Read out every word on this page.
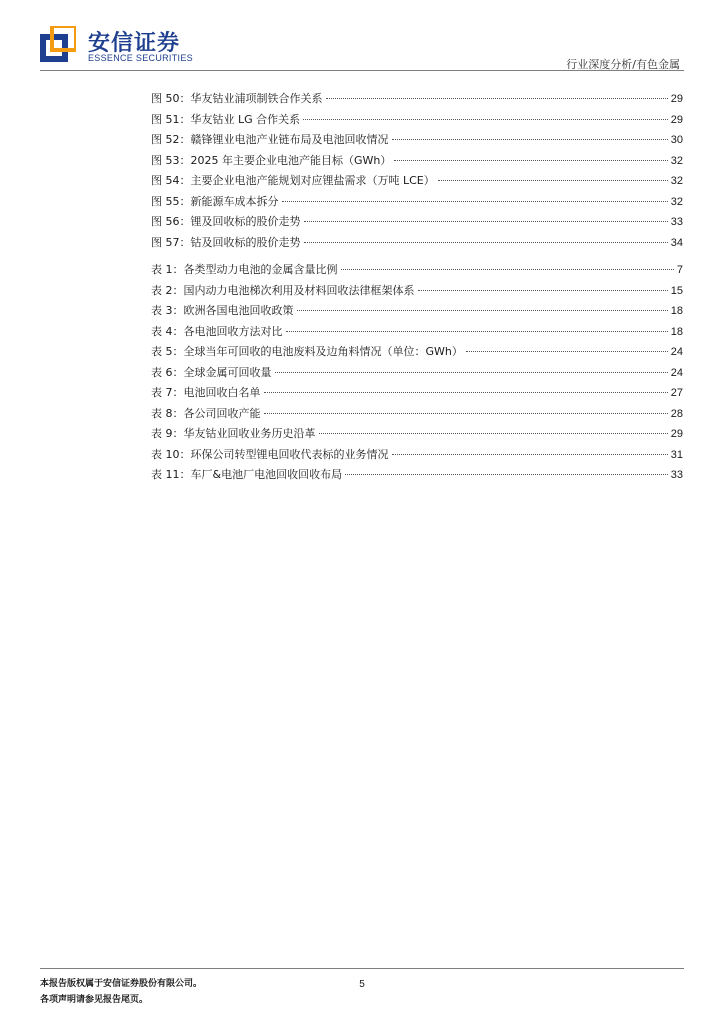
安信证券
ESSENCE SECURITIES	行业深度分析/有色金属
图 50：华友钴业浦项制铁合作关系	29
图 51：华友钴业 LG 合作关系	29
图 52：赣锋锂业电池产业链布局及电池回收情况	30
图 53：2025 年主要企业电池产能目标（GWh）	32
图 54：主要企业电池产能规划对应锂盐需求（万吨 LCE）	32
图 55：新能源车成本拆分	32
图 56：锂及回收标的股价走势	33
图 57：钴及回收标的股价走势	34
表 1：各类型动力电池的金属含量比例	7
表 2：国内动力电池梯次利用及材料回收法律框架体系	15
表 3：欧洲各国电池回收政策	18
表 4：各电池回收方法对比	18
表 5：全球当年可回收的电池废料及边角料情况（单位：GWh）	24
表 6：全球金属可回收量	24
表 7：电池回收白名单	27
表 8：各公司回收产能	28
表 9：华友钴业回收业务历史沿革	29
表 10：环保公司转型锂电回收代表标的业务情况	31
表 11：车厂&电池厂电池回收回收布局	33
本报告版权属于安信证券股份有限公司。
各项声明请参见报告尾页。
5
